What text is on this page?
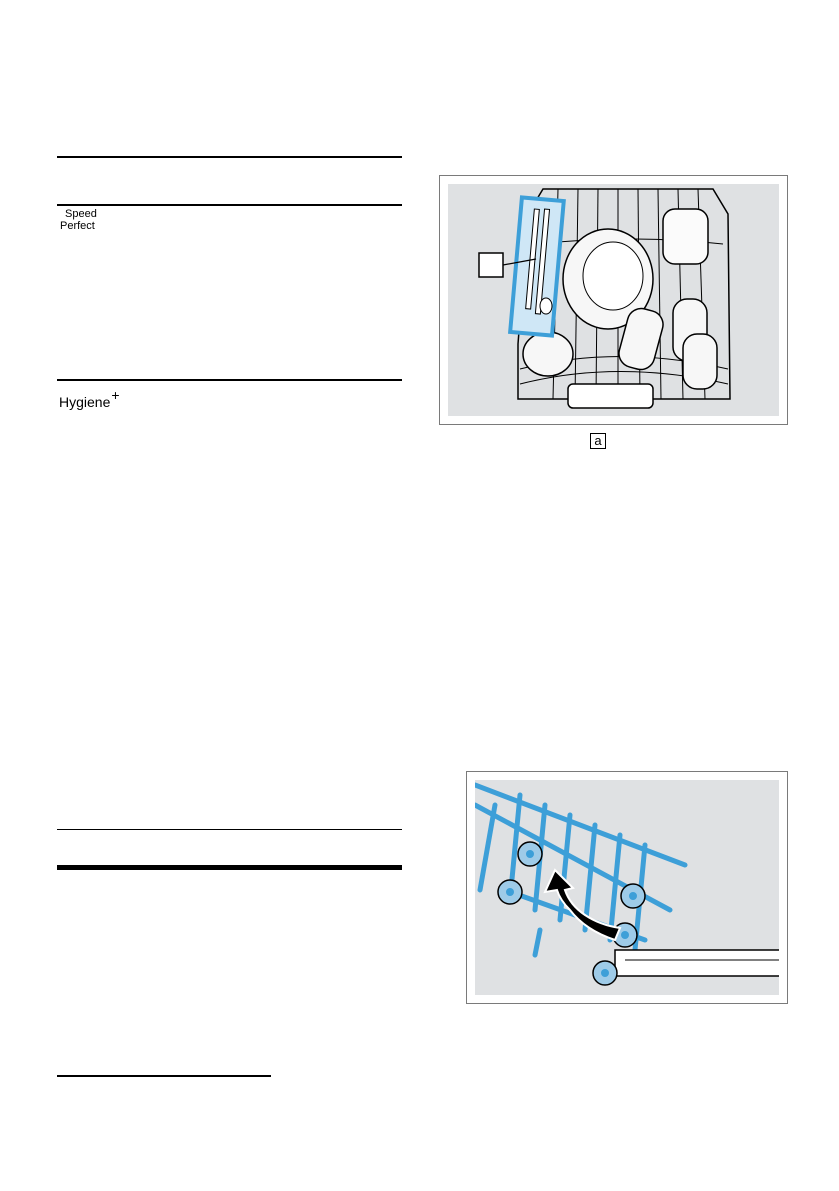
Speed
Perfect
Hygiene+
a
